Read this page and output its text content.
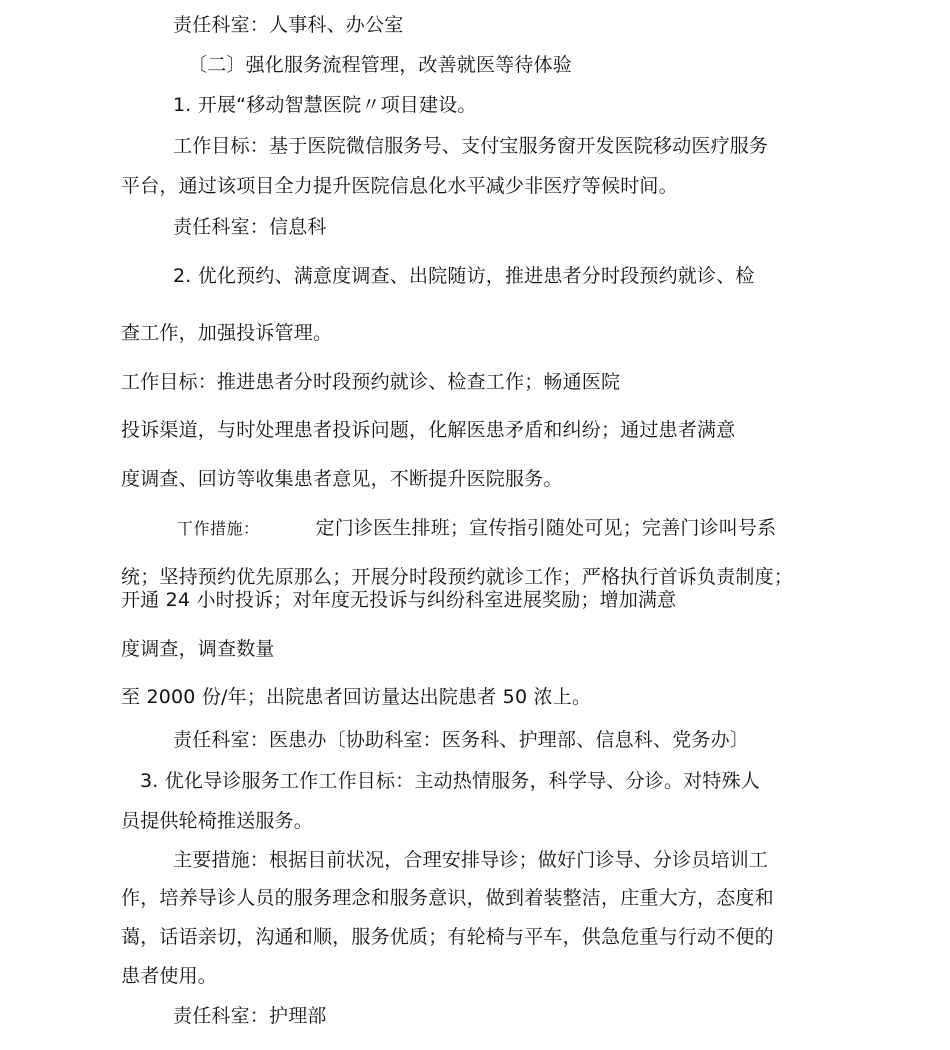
责任科室：人事科、办公室
〔二〕强化服务流程管理，改善就医等待体验
1. 开展“移动智慧医院〃项目建设。
工作目标：基于医院微信服务号、支付宝服务窗开发医院移动医疗服务
平台，通过该项目全力提升医院信息化水平减少非医疗等候时间。
责任科室：信息科
2. 优化预约、满意度调查、出院随访，推进患者分时段预约就诊、检
查工作，加强投诉管理。
工作目标：推进患者分时段预约就诊、检查工作；畅通医院
投诉渠道，与时处理患者投诉问题，化解医患矛盾和纠纷；通过患者满意
度调查、回访等收集患者意见，不断提升医院服务。
丅作措施：	定门诊医生排班；宣传指引随处可见；完善门诊叫号系
统；坚持预约优先原那么；开展分时段预约就诊工作；严格执行首诉负责制度；
开通 24 小时投诉；对年度无投诉与纠纷科室进展奖励；增加满意
度调查，调查数量
至 2000 份/年；出院患者回访量达出院患者 50 浓上。
责任科室：医患办〔协助科室：医务科、护理部、信息科、党务办〕
3. 优化导诊服务工作工作目标：主动热情服务，科学导、分诊。对特殊人
员提供轮椅推送服务。
主要措施：根据目前状况，合理安排导诊；做好门诊导、分诊员培训工
作，培养导诊人员的服务理念和服务意识，做到着装整洁，庄重大方，态度和
蔼，话语亲切，沟通和顺，服务优质；有轮椅与平车，供急危重与行动不便的
患者使用。
责任科室：护理部
